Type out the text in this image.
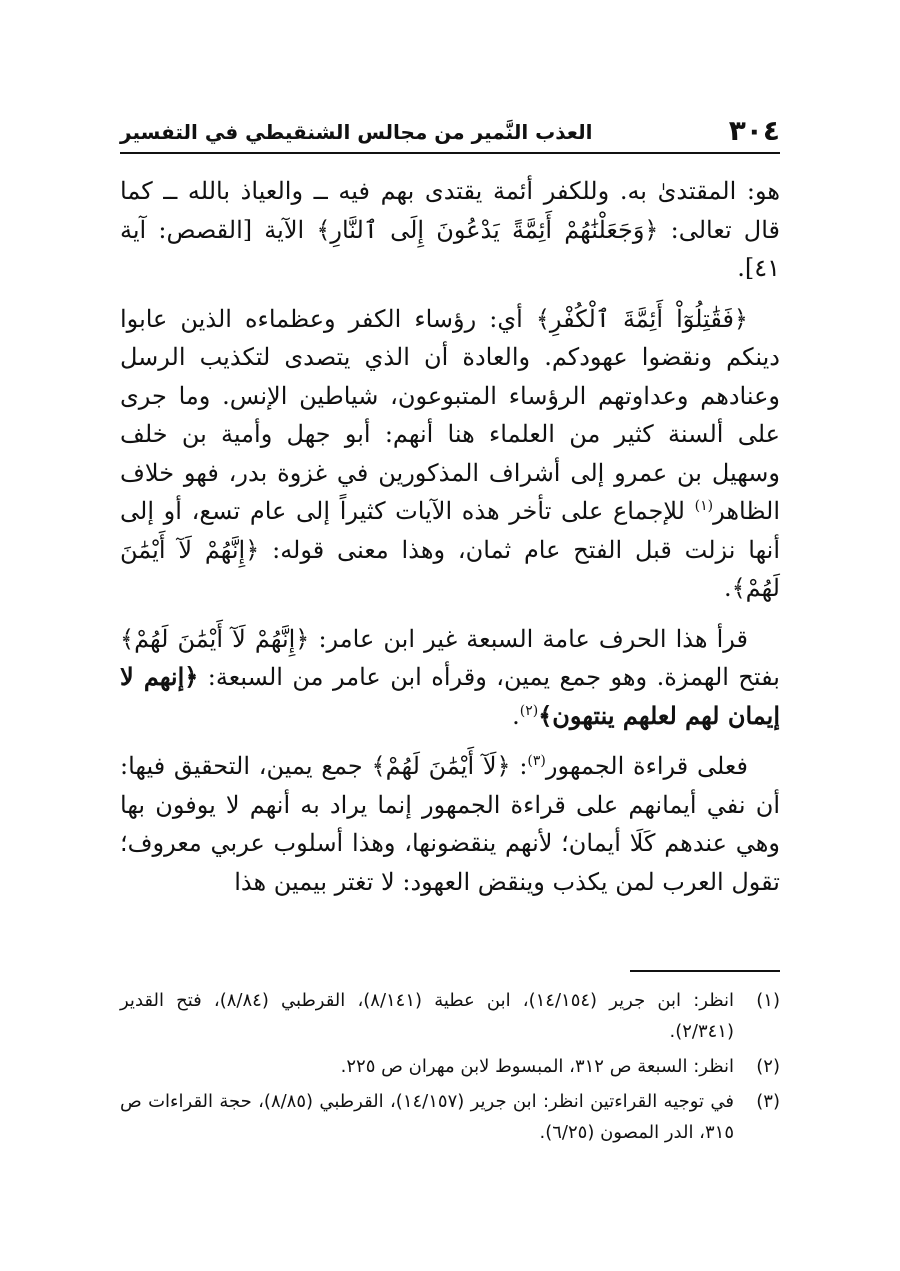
٣٠٤
العذب النَّمير من مجالس الشنقيطي في التفسير

هو: المقتدىٰ به. وللكفر أئمة يقتدى بهم فيه ــ والعياذ بالله ــ كما قال تعالى: ﴿وَجَعَلْنَٰهُمْ أَئِمَّةً يَدْعُونَ إِلَى ٱلنَّارِ﴾ الآية [القصص: آية ٤١].

﴿فَقَٰتِلُوٓاْ أَئِمَّةَ ٱلْكُفْرِ﴾ أي: رؤساء الكفر وعظماءه الذين عابوا دينكم ونقضوا عهودكم. والعادة أن الذي يتصدى لتكذيب الرسل وعنادهم وعداوتهم الرؤساء المتبوعون، شياطين الإنس. وما جرى على ألسنة كثير من العلماء هنا أنهم: أبو جهل وأمية بن خلف وسهيل بن عمرو إلى أشراف المذكورين في غزوة بدر، فهو خلاف الظاهر$^{(١)}$ للإجماع على تأخر هذه الآيات كثيراً إلى عام تسع، أو إلى أنها نزلت قبل الفتح عام ثمان، وهذا معنى قوله: ﴿إِنَّهُمْ لَآ أَيْمَٰنَ لَهُمْ﴾.

قرأ هذا الحرف عامة السبعة غير ابن عامر: ﴿إِنَّهُمْ لَآ أَيْمَٰنَ لَهُمْ﴾ بفتح الهمزة. وهو جمع يمين، وقرأه ابن عامر من السبعة: ﴿إنهم لا إيمان لهم لعلهم ينتهون﴾$^{(٢)}$.

فعلى قراءة الجمهور$^{(٣)}$: ﴿لَآ أَيْمَٰنَ لَهُمْ﴾ جمع يمين، التحقيق فيها: أن نفي أيمانهم على قراءة الجمهور إنما يراد به أنهم لا يوفون بها وهي عندهم كَلَا أيمان؛ لأنهم ينقضونها، وهذا أسلوب عربي معروف؛ تقول العرب لمن يكذب وينقض العهود: لا تغتر بيمين هذا

(١)
انظر: ابن جرير (١٤/١٥٤)، ابن عطية (٨/١٤١)، القرطبي (٨/٨٤)، فتح القدير (٢/٣٤١).

(٢)
انظر: السبعة ص ٣١٢، المبسوط لابن مهران ص ٢٢٥.

(٣)
في توجيه القراءتين انظر: ابن جرير (١٤/١٥٧)، القرطبي (٨/٨٥)، حجة القراءات ص ٣١٥، الدر المصون (٦/٢٥).
